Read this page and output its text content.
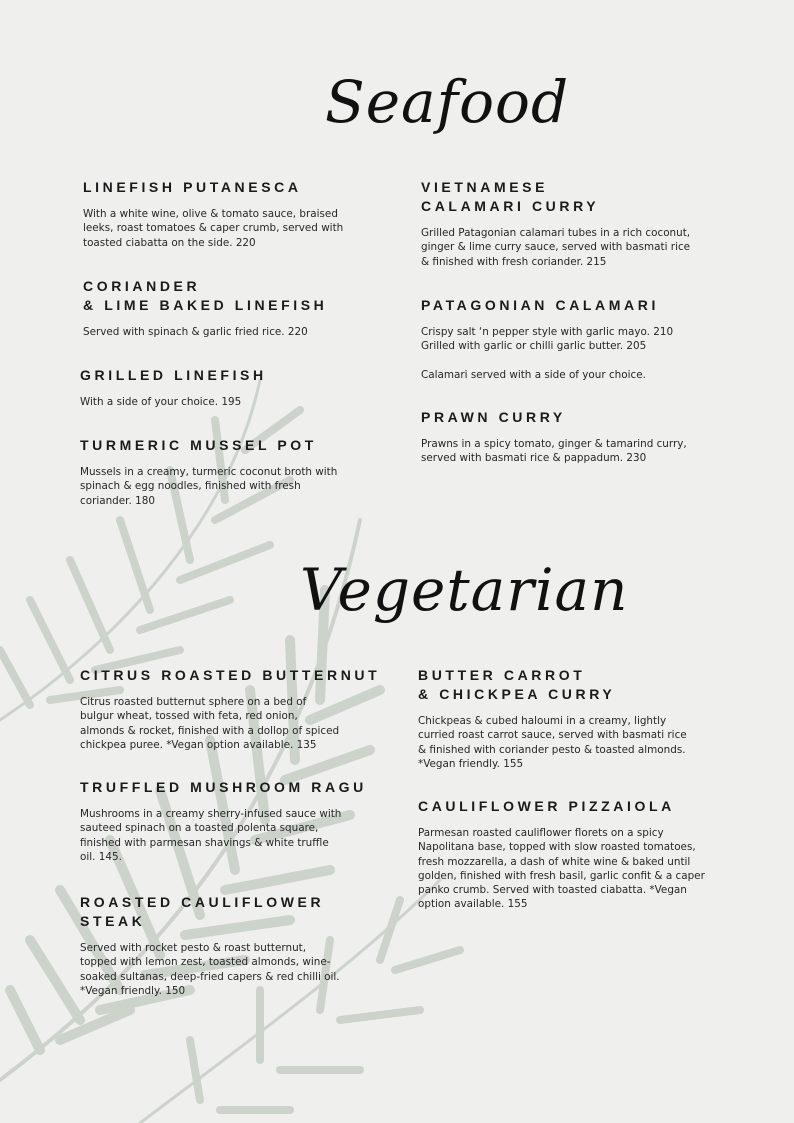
Seafood
LINEFISH PUTANESCA

With a white wine, olive & tomato sauce, braised
leeks, roast tomatoes & caper crumb, served with
toasted ciabatta on the side. 220

CORIANDER
& LIME BAKED LINEFISH

Served with spinach & garlic fried rice. 220

GRILLED LINEFISH

With a side of your choice. 195

TURMERIC MUSSEL POT

Mussels in a creamy, turmeric coconut broth with
spinach & egg noodles, finished with fresh
coriander. 180

VIETNAMESE
CALAMARI CURRY

Grilled Patagonian calamari tubes in a rich coconut,
ginger & lime curry sauce, served with basmati rice
& finished with fresh coriander. 215

PATAGONIAN CALAMARI

Crispy salt ‘n pepper style with garlic mayo. 210
Grilled with garlic or chilli garlic butter. 205

Calamari served with a side of your choice.

PRAWN CURRY

Prawns in a spicy tomato, ginger & tamarind curry,
served with basmati rice & pappadum. 230

Vegetarian
CITRUS ROASTED BUTTERNUT

Citrus roasted butternut sphere on a bed of
bulgur wheat, tossed with feta, red onion,
almonds & rocket, finished with a dollop of spiced
chickpea puree. *Vegan option available. 135

TRUFFLED MUSHROOM RAGU

Mushrooms in a creamy sherry-infused sauce with
sauteed spinach on a toasted polenta square,
finished with parmesan shavings & white truffle
oil. 145.

ROASTED CAULIFLOWER
STEAK

Served with rocket pesto & roast butternut,
topped with lemon zest, toasted almonds, wine-
soaked sultanas, deep-fried capers & red chilli oil.
*Vegan friendly. 150

BUTTER CARROT
& CHICKPEA CURRY

Chickpeas & cubed haloumi in a creamy, lightly
curried roast carrot sauce, served with basmati rice
& finished with coriander pesto & toasted almonds.
*Vegan friendly. 155

CAULIFLOWER PIZZAIOLA

Parmesan roasted cauliflower florets on a spicy
Napolitana base, topped with slow roasted tomatoes,
fresh mozzarella, a dash of white wine & baked until
golden, finished with fresh basil, garlic confit & a caper
panko crumb. Served with toasted ciabatta. *Vegan
option available. 155
